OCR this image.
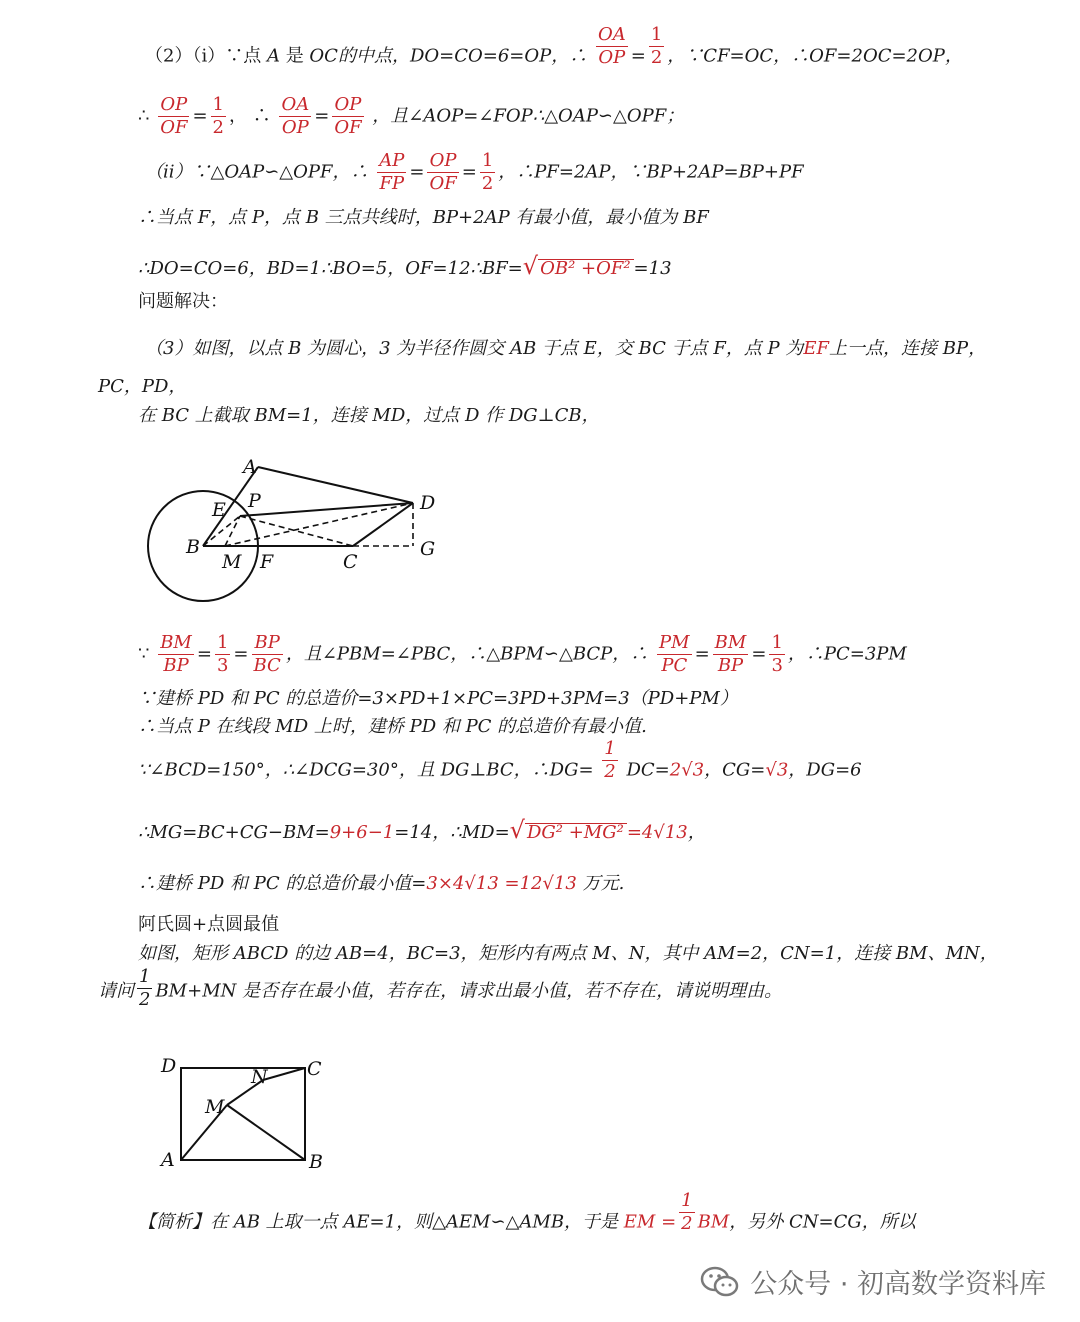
（2）（i）∵点 A 是 OC的中点，DO=CO=6=OP，∴ $\frac{OA}{OP} = \frac{1}{2}$ ，∵CF=OC，∴OF=2OC=2OP，
∴ $\frac{OP}{OF} = \frac{1}{2}$ ， ∴ $\frac{OA}{OP} = \frac{OP}{OF}$ ，且∠AOP=∠FOP∴△OAP∽△OPF；
（ii）∵△OAP∽△OPF，∴ $\frac{AP}{FP} = \frac{OP}{OF} = \frac{1}{2}$ ，∴PF=2AP，∵BP+2AP=BP+PF
∴当点 F，点 P，点 B 三点共线时，BP+2AP 有最小值，最小值为 BF
∴DO=CO=6，BD=1∴BO=5，OF=12∴BF=√ OB² +OF² =13
问题解决：
（3）如图，以点 B 为圆心，3 为半径作圆交 AB 于点 E，交 BC 于点 F，点 P 为EF上一点，连接 BP，
PC，PD，
在 BC 上截取 BM=1，连接 MD，过点 D 作 DG⊥CB，
A
P	D
E
B
M F	C
G
∵ $\frac{BM}{BP} = \frac{1}{3} = \frac{BP}{BC}$ ，且∠PBM=∠PBC，∴△BPM∽△BCP，∴ $\frac{PM}{PC} = \frac{BM}{BP} = \frac{1}{3}$ ，∴PC=3PM
∵建桥 PD 和 PC 的总造价=3×PD+1×PC=3PD+3PM=3（PD+PM）
∴当点 P 在线段 MD 上时，建桥 PD 和 PC 的总造价有最小值.
∵∠BCD=150°，∴∠DCG=30°，且 DG⊥BC，∴DG= $\frac{1}{2} DC=2√3$，CG=√3，DG=6
∴MG=BC+CG−BM=9+6−1=14，∴MD=√ DG² +MG² =4√13，
∴建桥 PD 和 PC 的总造价最小值=3×4√13 =12√13 万元.
阿氏圆+点圆最值
如图，矩形 ABCD 的边 AB=4，BC=3，矩形内有两点 M、N，其中 AM=2，CN=1，连接 BM、MN，
请问 $\frac{1}{2} BM+MN$ 是否存在最小值，若存在，请求出最小值，若不存在，请说明理由。
D	N C
M
A	B
【简析】在 AB 上取一点 AE=1，则△AEM∽△AMB，于是 EM = $\frac{1}{2}$ BM，另外 CN=CG，所以
公众号 · 初高数学资料库
